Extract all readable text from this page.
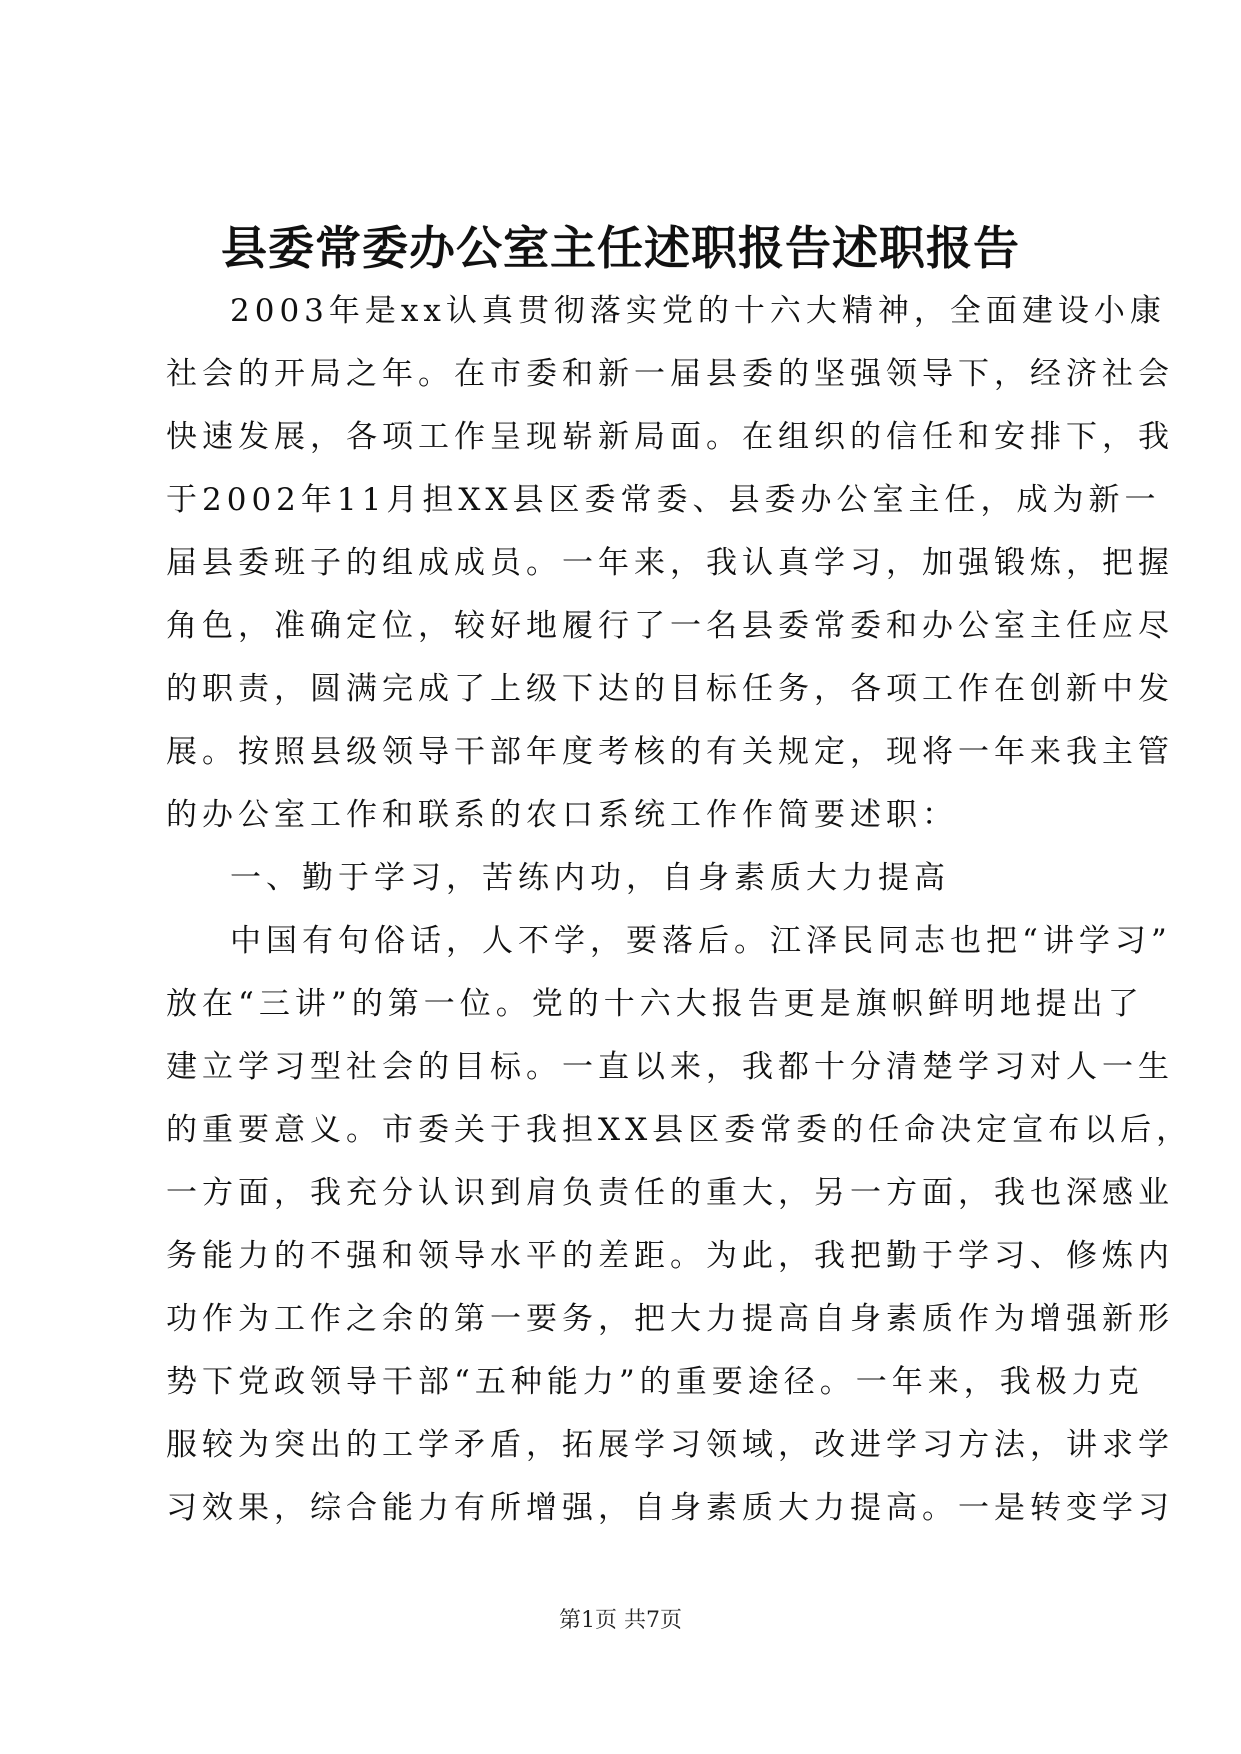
县委常委办公室主任述职报告述职报告

2003年是xx认真贯彻落实党的十六大精神，全面建设小康

社会的开局之年。在市委和新一届县委的坚强领导下，经济社会

快速发展，各项工作呈现崭新局面。在组织的信任和安排下，我

于2002年11月担XX县区委常委、县委办公室主任，成为新一

届县委班子的组成成员。一年来，我认真学习，加强锻炼，把握

角色，准确定位，较好地履行了一名县委常委和办公室主任应尽

的职责，圆满完成了上级下达的目标任务，各项工作在创新中发

展。按照县级领导干部年度考核的有关规定，现将一年来我主管

的办公室工作和联系的农口系统工作作简要述职：

一、勤于学习，苦练内功，自身素质大力提高

中国有句俗话，人不学，要落后。江泽民同志也把“讲学习”

放在“三讲”的第一位。党的十六大报告更是旗帜鲜明地提出了

建立学习型社会的目标。一直以来，我都十分清楚学习对人一生

的重要意义。市委关于我担XX县区委常委的任命决定宣布以后，

一方面，我充分认识到肩负责任的重大，另一方面，我也深感业

务能力的不强和领导水平的差距。为此，我把勤于学习、修炼内

功作为工作之余的第一要务，把大力提高自身素质作为增强新形

势下党政领导干部“五种能力”的重要途径。一年来，我极力克

服较为突出的工学矛盾，拓展学习领域，改进学习方法，讲求学

习效果，综合能力有所增强，自身素质大力提高。一是转变学习

第1页 共7页
